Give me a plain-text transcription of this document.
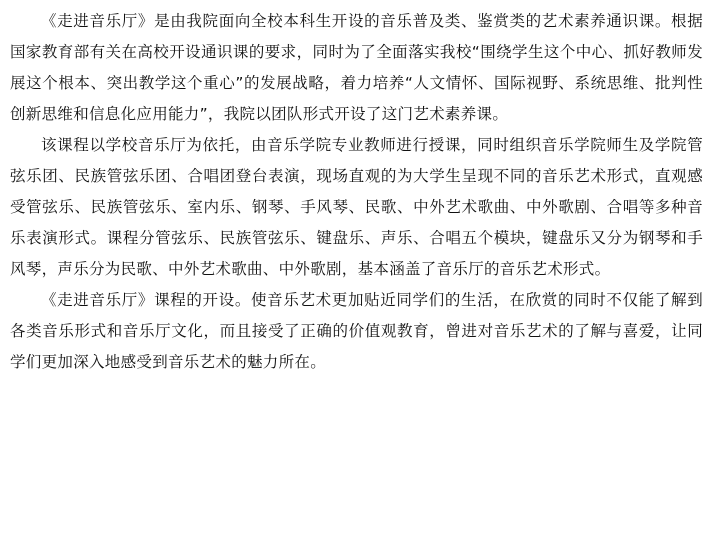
《走进音乐厅》是由我院面向全校本科生开设的音乐普及类、鉴赏类的艺术素养通识课。根据国家教育部有关在高校开设通识课的要求，同时为了全面落实我校“围绕学生这个中心、抓好教师发展这个根本、突出教学这个重心”的发展战略，着力培养“人文情怀、国际视野、系统思维、批判性创新思维和信息化应用能力”，我院以团队形式开设了这门艺术素养课。

该课程以学校音乐厅为依托，由音乐学院专业教师进行授课，同时组织音乐学院师生及学院管弦乐团、民族管弦乐团、合唱团登台表演，现场直观的为大学生呈现不同的音乐艺术形式，直观感受管弦乐、民族管弦乐、室内乐、钢琴、手风琴、民歌、中外艺术歌曲、中外歌剧、合唱等多种音乐表演形式。课程分管弦乐、民族管弦乐、键盘乐、声乐、合唱五个模块，键盘乐又分为钢琴和手风琴，声乐分为民歌、中外艺术歌曲、中外歌剧，基本涵盖了音乐厅的音乐艺术形式。

《走进音乐厅》课程的开设。使音乐艺术更加贴近同学们的生活，在欣赏的同时不仅能了解到各类音乐形式和音乐厅文化，而且接受了正确的价值观教育，曾进对音乐艺术的了解与喜爱，让同学们更加深入地感受到音乐艺术的魅力所在。
